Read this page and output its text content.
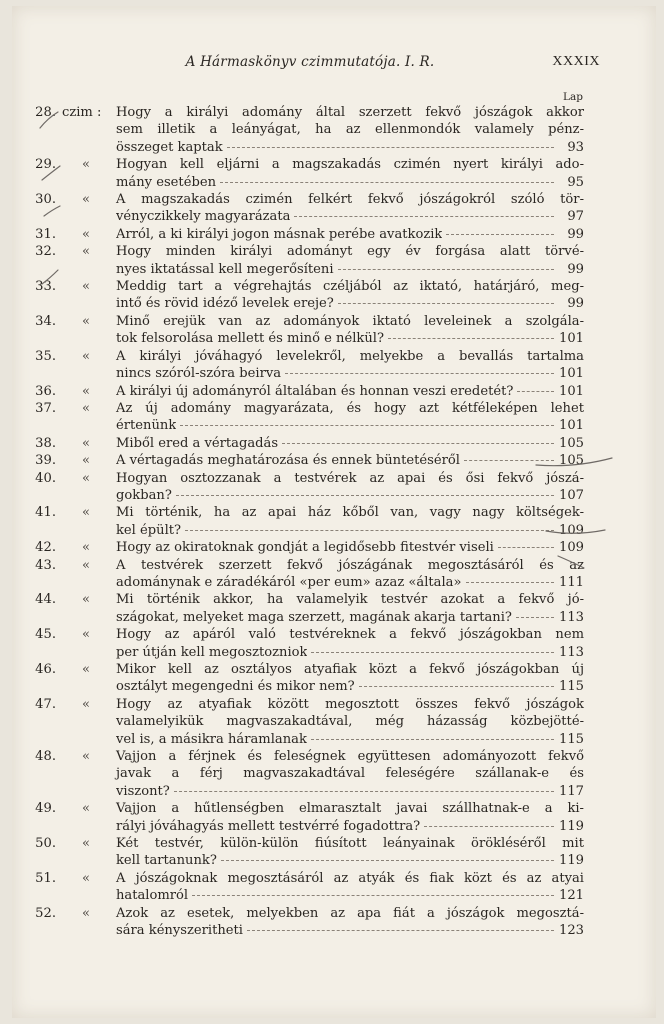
A Hármaskönyv czimmutatója. I. R.	XXXIX
Lap
28. czim :	Hogy a királyi adomány által szerzett fekvő jószágok akkor
sem illetik a leányágat, ha az ellenmondók valamely pénz-
összeget kaptak	93
29. «	Hogyan kell eljárni a magszakadás czimén nyert királyi ado-
mány esetében	95
30. «	A magszakadás czimén felkért fekvő jószágokról szóló tör-
vényczikkely magyarázata	97
31. «	Arról, a ki királyi jogon másnak perébe avatkozik	99
32. «	Hogy minden királyi adományt egy év forgása alatt törvé-
nyes iktatással kell megerősíteni	99
33. «	Meddig tart a végrehajtás czéljából az iktató, határjáró, meg-
intő és rövid idéző levelek ereje?	99
34. «	Minő erejük van az adományok iktató leveleinek a szolgála-
tok felsorolása mellett és minő e nélkül?	101
35. «	A királyi jóváhagyó levelekről, melyekbe a bevallás tartalma
nincs szóról-szóra beirva	101
36. «	A királyi új adományról általában és honnan veszi eredetét?	101
37. «	Az új adomány magyarázata, és hogy azt kétféleképen lehet
értenünk	101
38. «	Miből ered a vértagadás	105
39. «	A vértagadás meghatározása és ennek büntetéséről	105
40. «	Hogyan osztozzanak a testvérek az apai és ősi fekvő jószá-
gokban?	107
41. «	Mi történik, ha az apai ház kőből van, vagy nagy költségek-
kel épült?	109
42. «	Hogy az okiratoknak gondját a legidősebb fitestvér viseli	109
43. «	A testvérek szerzett fekvő jószágának megosztásáról és az
adománynak e záradékáról «per eum» azaz «általa»	111
44. «	Mi történik akkor, ha valamelyik testvér azokat a fekvő jó-
szágokat, melyeket maga szerzett, magának akarja tartani?	113
45. «	Hogy az apáról való testvéreknek a fekvő jószágokban nem
per útján kell megosztozniok	113
46. «	Mikor kell az osztályos atyafiak közt a fekvő jószágokban új
osztályt megengedni és mikor nem?	115
47. «	Hogy az atyafiak között megosztott összes fekvő jószágok
valamelyikük magvaszakadtával, még házasság közbejötté-
vel is, a másikra háramlanak	115
48. «	Vajjon a férjnek és feleségnek együttesen adományozott fekvő
javak a férj magvaszakadtával feleségére szállanak-e és
viszont?	117
49. «	Vajjon a hűtlenségben elmarasztalt javai szállhatnak-e a ki-
rályi jóváhagyás mellett testvérré fogadottra?	119
50. «	Két testvér, külön-külön fiúsított leányainak örökléséről mit
kell tartanunk?	119
51. «	A jószágoknak megosztásáról az atyák és fiak közt és az atyai
hatalomról	121
52. «	Azok az esetek, melyekben az apa fiát a jószágok megosztá-
sára kényszeritheti	123
